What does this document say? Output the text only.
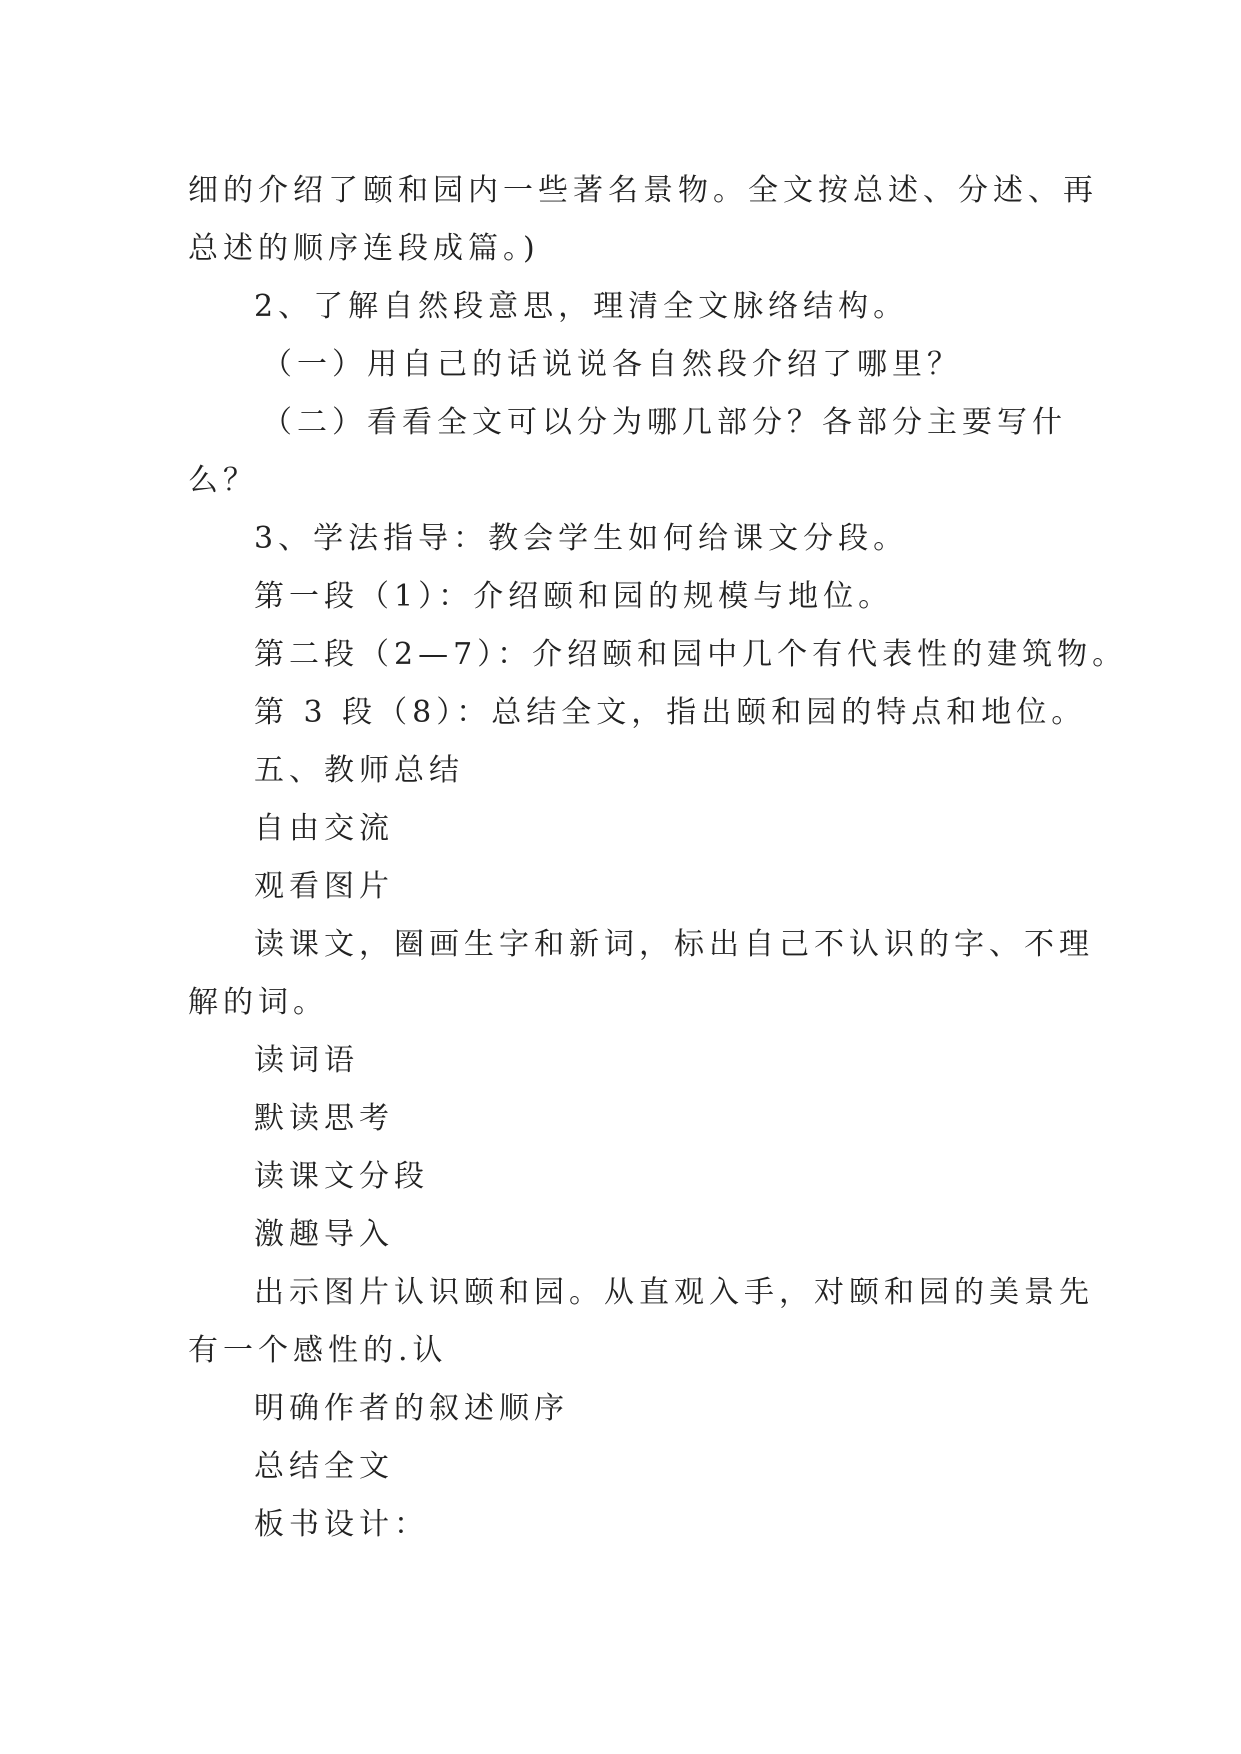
细的介绍了颐和园内一些著名景物。全文按总述、分述、再
总述的顺序连段成篇。)
2、了解自然段意思，理清全文脉络结构。
（一）用自己的话说说各自然段介绍了哪里？
（二）看看全文可以分为哪几部分？各部分主要写什
么？
3、学法指导：教会学生如何给课文分段。
第一段（1）：介绍颐和园的规模与地位。
第二段（2—7）：介绍颐和园中几个有代表性的建筑物。
第 3 段（8）：总结全文，指出颐和园的特点和地位。
五、教师总结
自由交流
观看图片
读课文，圈画生字和新词，标出自己不认识的字、不理
解的词。
读词语
默读思考
读课文分段
激趣导入
出示图片认识颐和园。从直观入手，对颐和园的美景先
有一个感性的.认
明确作者的叙述顺序
总结全文
板书设计：
